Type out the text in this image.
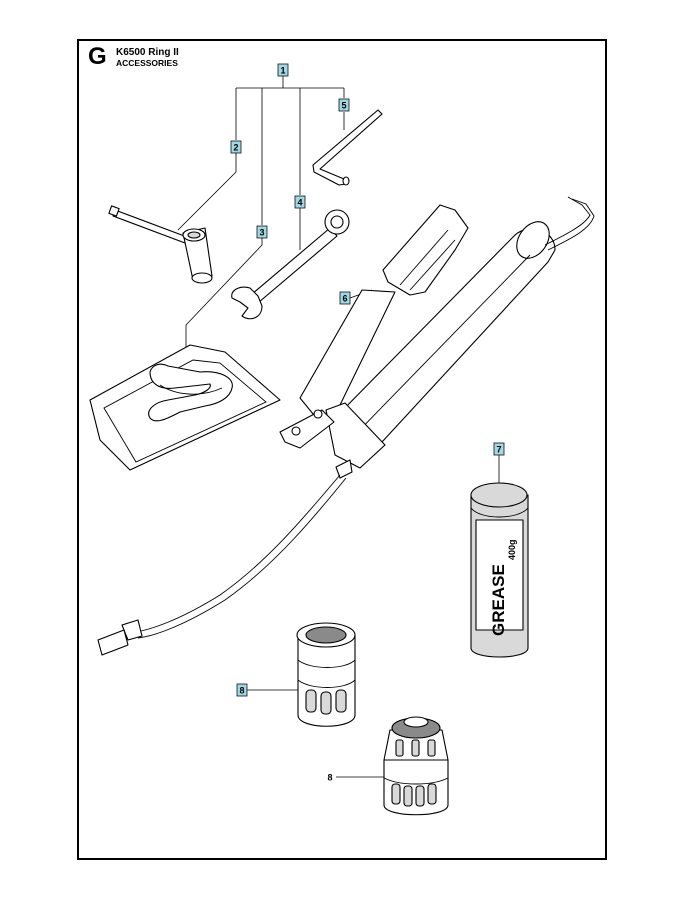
G K6500 Ring II
ACCESSORIES
GREASE
400g
1
2
3
4
5
6
7
8
8
